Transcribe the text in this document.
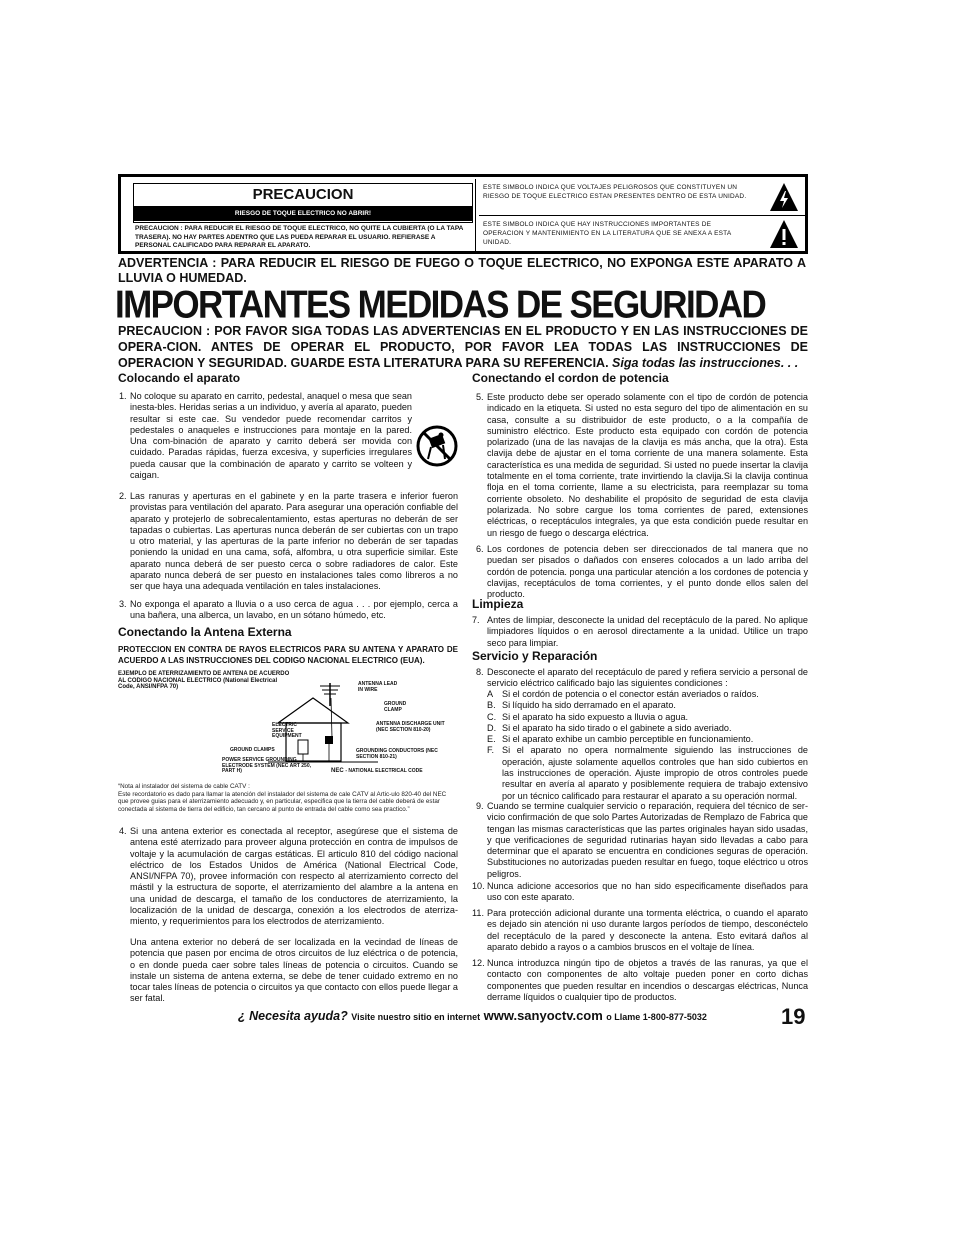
PRECAUCION
RIESGO DE TOQUE ELECTRICO NO ABRIR!
PRECAUCION : PARA REDUCIR EL RIESGO DE TOQUE ELECTRICO, NO QUITE LA CUBIERTA (O LA TAPA TRASERA). NO HAY PARTES ADENTRO QUE LAS PUEDA REPARAR EL USUARIO. REFIERASE A PERSONAL CALIFICADO PARA REPARAR EL APARATO.
ESTE SIMBOLO INDICA QUE VOLTAJES PELIGROSOS QUE CONSTITUYEN UN RIESGO DE TOQUE ELECTRICO ESTAN PRESENTES DENTRO DE ESTA UNIDAD.
ESTE SIMBOLO INDICA QUE HAY INSTRUCCIONES IMPORTANTES DE OPERACION Y MANTENIMIENTO EN LA LITERATURA QUE SE ANEXA A ESTA UNIDAD.
ADVERTENCIA : PARA REDUCIR EL RIESGO DE FUEGO O TOQUE ELECTRICO, NO EXPONGA ESTE APARATO A LLUVIA O HUMEDAD.
IMPORTANTES MEDIDAS DE SEGURIDAD
PRECAUCION : POR FAVOR SIGA TODAS LAS ADVERTENCIAS EN EL PRODUCTO Y EN LAS INSTRUCCIONES DE OPERA-CION. ANTES DE OPERAR EL PRODUCTO, POR FAVOR LEA TODAS LAS INSTRUCCIONES DE OPERACION Y SEGURIDAD. GUARDE ESTA LITERATURA PARA SU REFERENCIA. Siga todas las instrucciones. . .
Colocando el aparato
1. No coloque su aparato en carrito, pedestal, anaquel o mesa que sean inesta-bles. Heridas serias a un individuo, y avería al aparato, pueden resultar si este cae. Su vendedor puede recomendar carritos y pedestales o anaqueles e instrucciones para montaje en la pared. Una com-binación de aparato y carrito deberá ser movida con cuidado. Paradas rápidas, fuerza excesiva, y superficies irregulares pueda causar que la combinación de aparato y carrito se volteen y caigan.
2. Las ranuras y aperturas en el gabinete y en la parte trasera e inferior fueron provistas para ventilación del aparato. Para asegurar una operación confiable del aparato y protejerlo de sobrecalentamiento, estas aperturas no deberán de ser tapadas o cubiertas. Las aperturas nunca deberán de ser cubiertas con un trapo u otro material, y las aperturas de la parte inferior no deberán de ser tapadas poniendo la unidad en una cama, sofá, alfombra, u otra superficie similar. Este aparato nunca deberá de ser puesto cerca o sobre radiadores de calor. Este aparato nunca deberá de ser puesto en instalaciones tales como libreros a no ser que haya una adequada ventilación en tales instalaciones.
3. No exponga el aparato a lluvia o a uso cerca de agua . . . por ejemplo, cerca a una bañera, una alberca, un lavabo, en un sótano húmedo, etc.
Conectando la Antena Externa
PROTECCION EN CONTRA DE RAYOS ELECTRICOS PARA SU ANTENA Y APARATO DE ACUERDO A LAS INSTRUCCIONES DEL CODIGO NACIONAL ELECTRICO (EUA).
EJEMPLO DE ATERRIZAMIENTO DE ANTENA DE ACUERDO AL CODIGO NACIONAL ELECTRICO (National Electrical Code, ANSI/NFPA 70)	ANTENNA LEAD IN WIRE
GROUND CLAMP
ELECTRIC SERVICE EQUIPMENT
ANTENNA DISCHARGE UNIT (NEC SECTION 810-20)
GROUND CLAMPS	GROUNDING CONDUCTORS (NEC SECTION 810-21)
POWER SERVICE GROUNDING ELECTRODE SYSTEM (NEC ART 250, PART H)	NEC - NATIONAL ELECTRICAL CODE
“Nota al instalador del sistema de cable CATV :
Este recordatorio es dado para llamar la atención del instalador del sistema de cale CATV al Artic-ulo 820-40 del NEC que provee guias para el aterrizamiento adecuado y, en particular, especifica que la tierra del cable deberá de estar conectada al sistema de tierra del edificio, tan cercano al punto de entrada del cable como sea practico.”
4. Si una antena exterior es conectada al receptor, asegúrese que el sistema de antena esté aterrizado para proveer alguna protección en contra de impulsos de voltaje y la acumulación de cargas estáticas. El articulo 810 del código nacional eléctrico de los Estados Unidos de América (National Electrical Code, ANSI/NFPA 70), provee información con respecto al aterrizamiento correcto del mástil y la estructura de soporte, el aterrizamiento del alambre a la antena en una unidad de descarga, el tamaño de los conductores de aterrizamiento, la localización de la unidad de descarga, conexión a los electrodos de aterriza-miento, y requerimientos para los electrodos de aterrizamiento.
Una antena exterior no deberá de ser localizada en la vecindad de líneas de potencia que pasen por encima de otros circuitos de luz eléctrica o de potencia, o en donde pueda caer sobre tales líneas de potencia o circuitos. Cuando se instale un sistema de antena externa, se debe de tener cuidado extremo en no tocar tales líneas de potencia o circuitos ya que contacto con ellos puede llegar a ser fatal.
Conectando el cordon de potencia
5. Este producto debe ser operado solamente con el tipo de cordón de potencia indicado en la etiqueta. Si usted no esta seguro del tipo de alimentación en su casa, consulte a su distribuidor de este producto, o a la compañía de suministro eléctrico. Este producto esta equipado con cordón de potencia polarizado (una de las navajas de la clavija es más ancha, que la otra). Esta clavija debe de ajustar en el toma corriente de una manera solamente. Esta característica es una medida de seguridad. Si usted no puede insertar la clavija totalmente en el toma corriente, trate invirtiendo la clavija.Si la clavija continua floja en el toma corriente, llame a su electricista, para reemplazar su toma corriente obsoleto. No deshabilite el propósito de seguridad de esta clavija polarizada. No sobre cargue los toma corrientes de pared, extensiones eléctricas, o receptáculos integrales, ya que esta condición puede resultar en un riesgo de fuego o descarga eléctrica.
6. Los cordones de potencia deben ser direccionados de tal manera que no puedan ser pisados o dañados con enseres colocados a un lado arriba del cordón de potencia. ponga una particular atención a los cordones de potencia y clavijas, receptáculos de toma corrientes, y el punto donde ellos salen del producto.
Limpieza
7. Antes de limpiar, desconecte la unidad del receptáculo de la pared. No aplique limpiadores líquidos o en aerosol directamente a la unidad. Utilice un trapo seco para limpiar.
Servicio y Reparación
8. Desconecte el aparato del receptáculo de pared y refiera servicio a personal de servicio eléctrico calificado bajo las siguientes condiciones :
A Si el cordón de potencia o el conector están averiados o raídos.
B. Si líquido ha sido derramado en el aparato.
C. Si el aparato ha sido expuesto a lluvia o agua.
D. Si el aparato ha sido tirado o el gabinete a sido averiado.
E. Si el aparato exhibe un cambio perceptible en funcionamiento.
F. Si el aparato no opera normalmente siguiendo las instrucciones de operación, ajuste solamente aquellos controles que han sido cubiertos en las instrucciones de operación. Ajuste impropio de otros controles puede resultar en avería al aparato y posiblemente requiera de trabajo extensivo por un técnico calificado para restaurar el aparato a su operación normal.
9. Cuando se termine cualquier servicio o reparación, requiera del técnico de ser-vicio confirmación de que solo Partes Autorizadas de Remplazo de Fabrica que tengan las mismas características que las partes originales hayan sido usadas, y que verificaciones de seguridad rutinarias hayan sido llevadas a cabo para determinar que el aparato se encuentra en condiciones seguras de operación. Substituciones no autorizadas pueden resultar en fuego, toque eléctrico u otros peligros.
10. Nunca adicione accesorios que no han sido especificamente diseñados para uso con este aparato.
11. Para protección adicional durante una tormenta eléctrica, o cuando el aparato es dejado sin atención ni uso durante largos períodos de tiempo, desconéctelo del receptáculo de la pared y desconecte la antena. Esto evitará daños al aparato debido a rayos o a cambios bruscos en el voltaje de línea.
12. Nunca introduzca ningún tipo de objetos a través de las ranuras, ya que el contacto con componentes de alto voltaje pueden poner en corto dichas componentes que pueden resultar en incendios o descargas eléctricas, Nunca derrame líquidos o cualquier tipo de productos.
¿ Necesita ayuda? Visite nuestro sitio en internet www.sanyoctv.com o Llame 1-800-877-5032	19
